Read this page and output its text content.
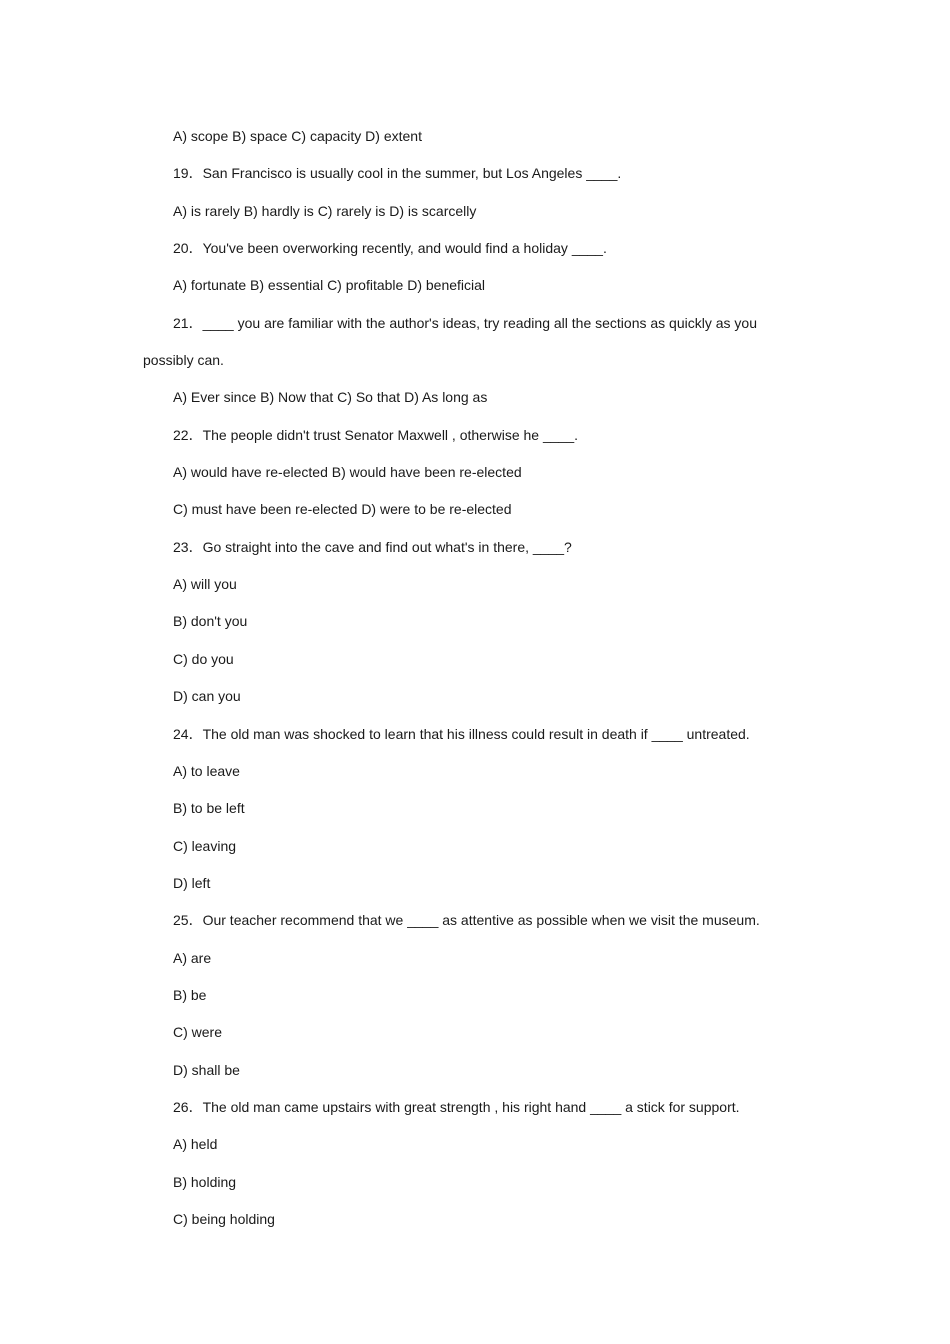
A) scope B) space C) capacity D) extent
19．San Francisco is usually cool in the summer, but Los Angeles ____.
A) is rarely B) hardly is C) rarely is D) is scarcelly
20．You've been overworking recently, and would find a holiday ____.
A) fortunate B) essential C) profitable D) beneficial
21．____ you are familiar with the author's ideas, try reading all the sections as quickly as you
possibly can.
A) Ever since B) Now that C) So that D) As long as
22．The people didn't trust Senator Maxwell , otherwise he ____.
A) would have re-elected B) would have been re-elected
C) must have been re-elected D) were to be re-elected
23．Go straight into the cave and find out what's in there, ____?
A) will you
B) don't you
C) do you
D) can you
24．The old man was shocked to learn that his illness could result in death if ____ untreated.
A) to leave
B) to be left
C) leaving
D) left
25．Our teacher recommend that we ____ as attentive as possible when we visit the museum.
A) are
B) be
C) were
D) shall be
26．The old man came upstairs with great strength , his right hand ____ a stick for support.
A) held
B) holding
C) being holding
